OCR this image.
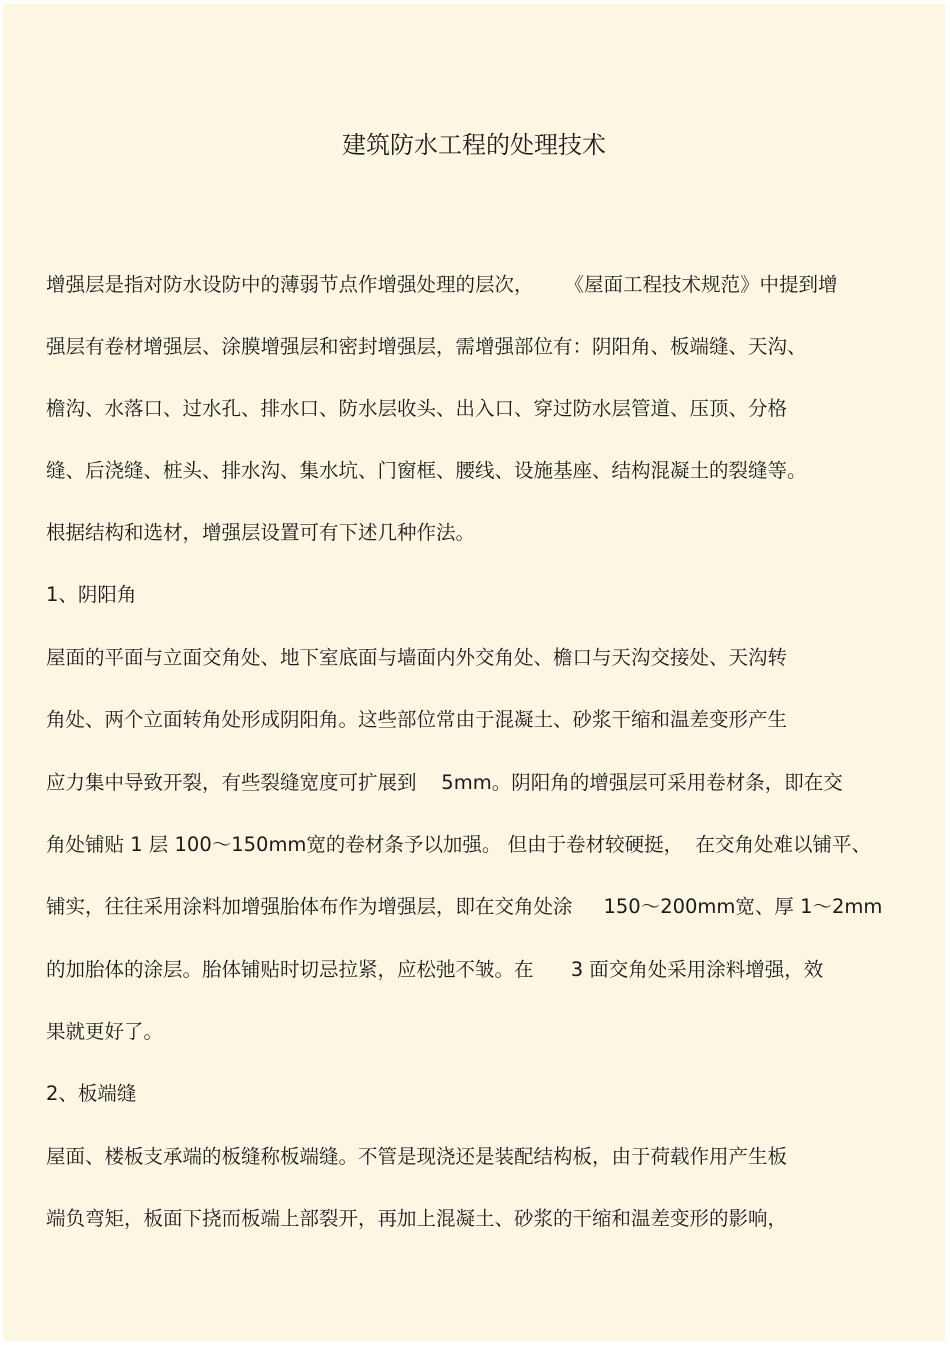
建筑防水工程的处理技术
增强层是指对防水设防中的薄弱节点作增强处理的层次，     《屋面工程技术规范》中提到增
强层有卷材增强层、涂膜增强层和密封增强层，需增强部位有：阴阳角、板端缝、天沟、
檐沟、水落口、过水孔、排水口、防水层收头、出入口、穿过防水层管道、压顶、分格
缝、后浇缝、桩头、排水沟、集水坑、门窗框、腰线、设施基座、结构混凝土的裂缝等。
根据结构和选材，增强层设置可有下述几种作法。
1、阴阳角
屋面的平面与立面交角处、地下室底面与墙面内外交角处、檐口与天沟交接处、天沟转
角处、两个立面转角处形成阴阳角。这些部位常由于混凝土、砂浆干缩和温差变形产生
应力集中导致开裂，有些裂缝宽度可扩展到    5mm。阴阳角的增强层可采用卷材条，即在交
角处铺贴 1 层 100～150mm宽的卷材条予以加强。 但由于卷材较硬挺，  在交角处难以铺平、
铺实，往往采用涂料加增强胎体布作为增强层，即在交角处涂     150～200mm宽、厚 1～2mm
的加胎体的涂层。胎体铺贴时切忌拉紧，应松弛不皱。在      3 面交角处采用涂料增强，效
果就更好了。
2、板端缝
屋面、楼板支承端的板缝称板端缝。不管是现浇还是装配结构板，由于荷载作用产生板
端负弯矩，板面下挠而板端上部裂开，再加上混凝土、砂浆的干缩和温差变形的影响，
